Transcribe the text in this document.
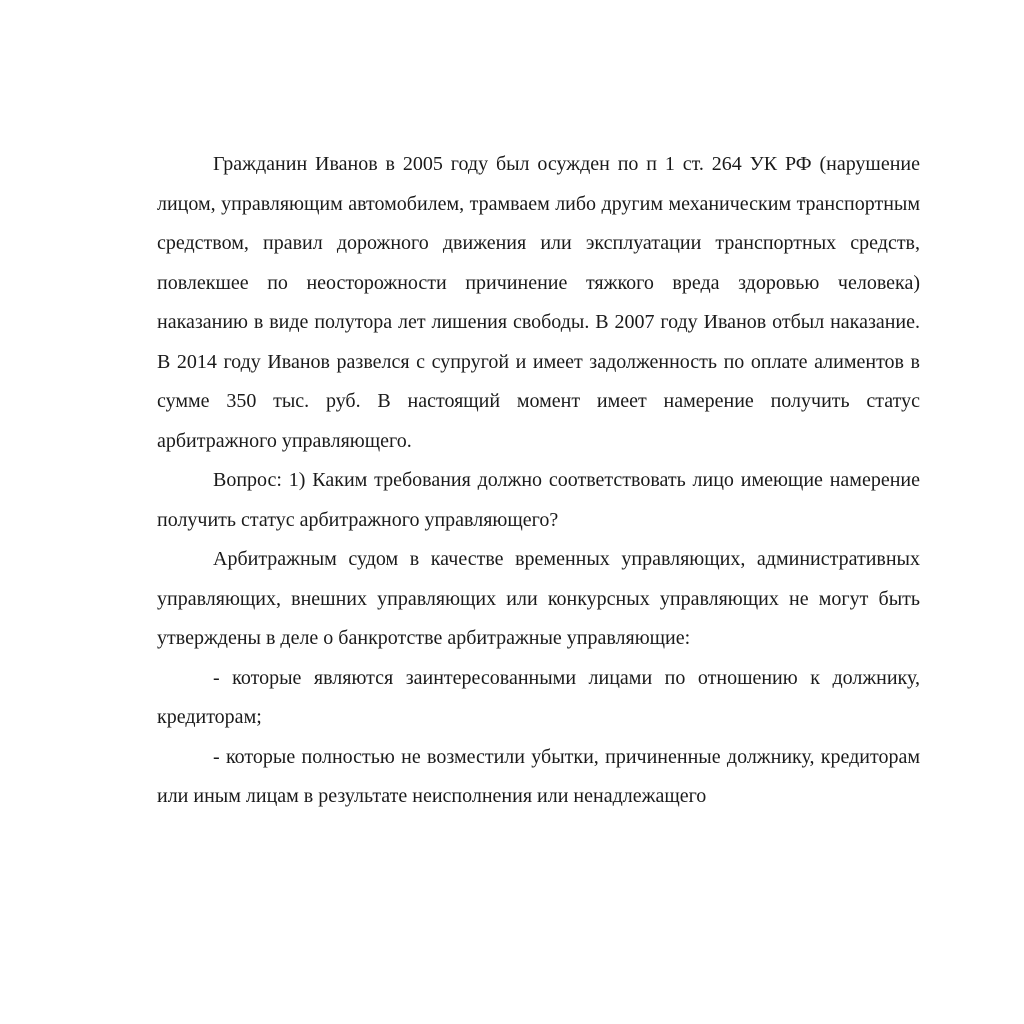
Гражданин Иванов в 2005 году был осужден по п 1 ст. 264 УК РФ (нарушение лицом, управляющим автомобилем, трамваем либо другим механическим транспортным средством, правил дорожного движения или эксплуатации транспортных средств, повлекшее по неосторожности причинение тяжкого вреда здоровью человека) наказанию в виде полутора лет лишения свободы. В 2007 году Иванов отбыл наказание. В 2014 году Иванов развелся с супругой и имеет задолженность по оплате алиментов в сумме 350 тыс. руб. В настоящий момент имеет намерение получить статус арбитражного управляющего.

Вопрос: 1) Каким требования должно соответствовать лицо имеющие намерение получить статус арбитражного управляющего?

Арбитражным судом в качестве временных управляющих, административных управляющих, внешних управляющих или конкурсных управляющих не могут быть утверждены в деле о банкротстве арбитражные управляющие:

- которые являются заинтересованными лицами по отношению к должнику, кредиторам;

- которые полностью не возместили убытки, причиненные должнику, кредиторам или иным лицам в результате неисполнения или ненадлежащего
